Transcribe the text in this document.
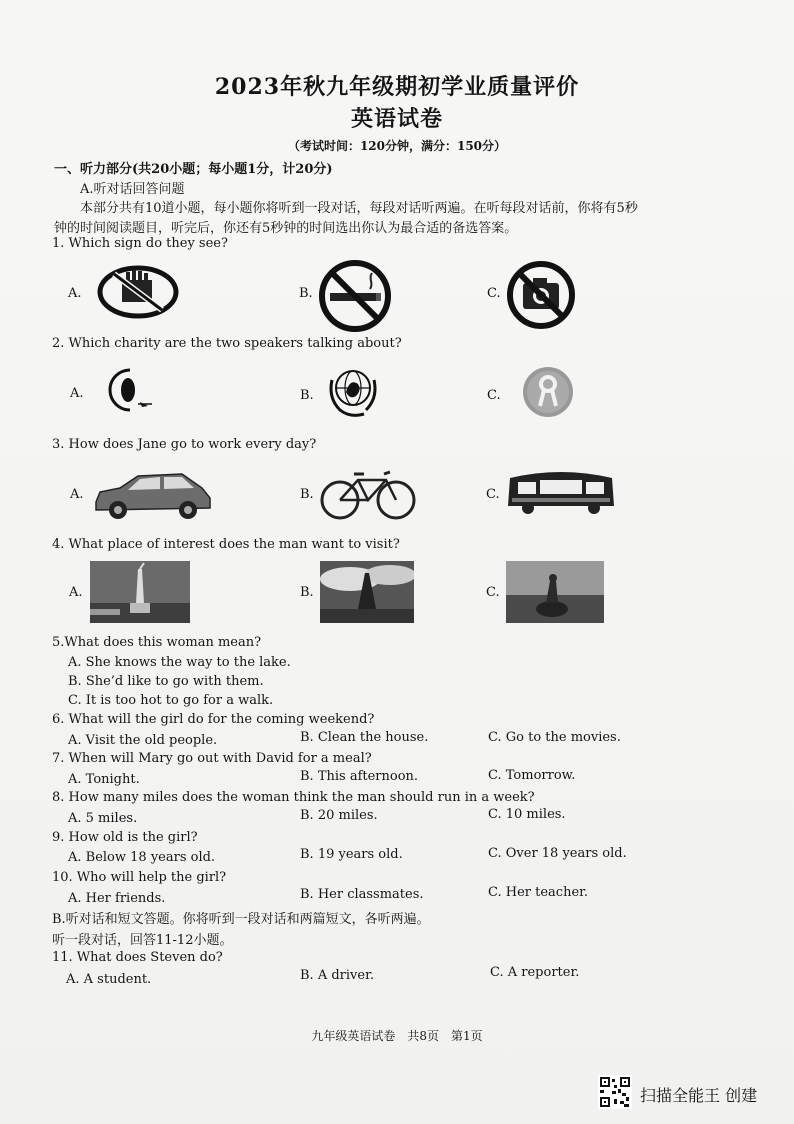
2023年秋九年级期初学业质量评价
英语试卷
（考试时间：120分钟，满分：150分）
一、听力部分(共20小题；每小题1分，计20分)
A.听对话回答问题
本部分共有10道小题，每小题你将听到一段对话，每段对话听两遍。在听每段对话前，你将有5秒
钟的时间阅读题目，听完后，你还有5秒钟的时间选出你认为最合适的备选答案。
1. Which sign do they see?
A.	B.	C.
2. Which charity are the two speakers talking about?
A.	B.	C.
3. How does Jane go to work every day?
A.	B.	C.
4. What place of interest does the man want to visit?
A.	B.	C.
5.What does this woman mean?
A. She knows the way to the lake.
B. She’d like to go with them.
C. It is too hot to go for a walk.
6. What will the girl do for the coming weekend?
A. Visit the old people.	B. Clean the house.	C. Go to the movies.
7. When will Mary go out with David for a meal?
A. Tonight.	B. This afternoon.	C. Tomorrow.
8. How many miles does the woman think the man should run in a week?
A. 5 miles.	B. 20 miles.	C. 10 miles.
9. How old is the girl?
A. Below 18 years old.	B. 19 years old.	C. Over 18 years old.
10. Who will help the girl?
A. Her friends.	B. Her classmates.	C. Her teacher.
B.听对话和短文答题。你将听到一段对话和两篇短文，各听两遍。
听一段对话，回答11-12小题。
11. What does Steven do?
A. A student.	B. A driver.	C. A reporter.
九年级英语试卷　共8页　第1页
扫描全能王 创建
